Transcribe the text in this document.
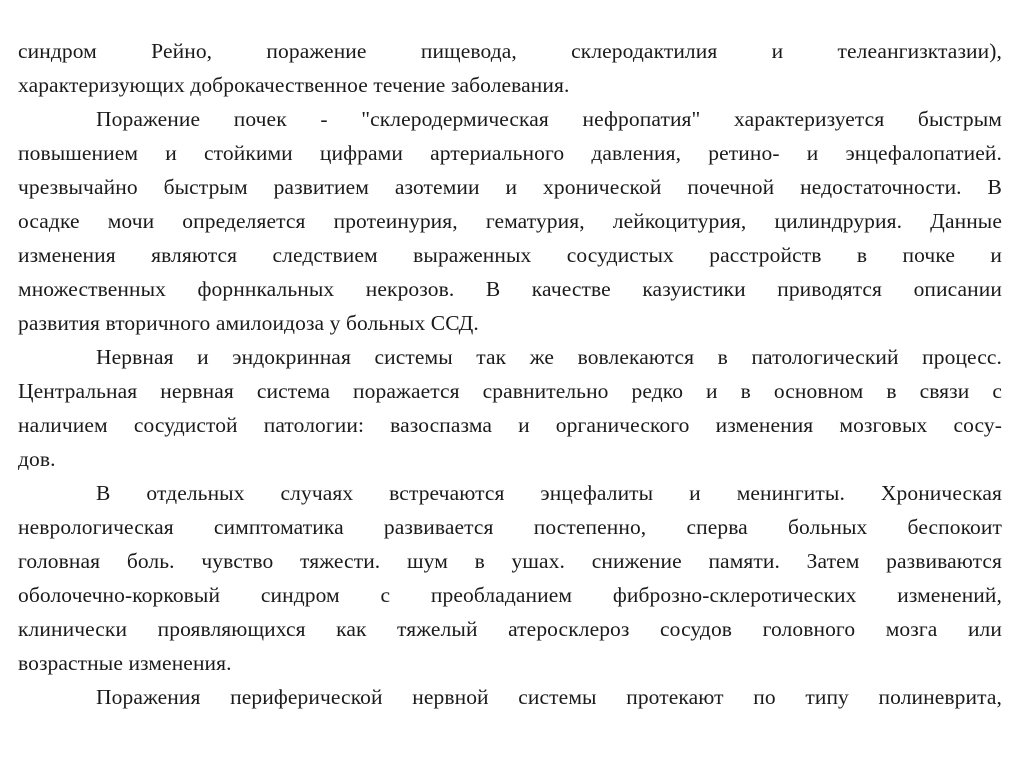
синдром Рейно, поражение пищевода, склеродактилия и телеангизктазии),
характеризующих доброкачественное течение заболевания.
Поражение почек - "склеродермическая нефропатия" характеризуется быстрым
повышением и стойкими цифрами артериального давления, ретино- и энцефалопатией.
чрезвычайно быстрым развитием азотемии и хронической почечной недостаточности. В
осадке мочи определяется протеинурия, гематурия, лейкоцитурия, цилиндрурия. Данные
изменения являются следствием выраженных сосудистых расстройств в почке и
множественных форннкальных некрозов. В качестве казуистики приводятся описании
развития вторичного амилоидоза у больных ССД.
Нервная и эндокринная системы так же вовлекаются в патологический процесс.
Центральная нервная система поражается сравнительно редко и в основном в связи с
наличием сосудистой патологии: вазоспазма и органического изменения мозговых сосу-
дов.
В отдельных случаях встречаются энцефалиты и менингиты. Хроническая
неврологическая симптоматика развивается постепенно, сперва больных беспокоит
головная боль. чувство тяжести. шум в ушах. снижение памяти. Затем развиваются
оболочечно-корковый синдром с преобладанием фиброзно-склеротических изменений,
клинически проявляющихся как тяжелый атеросклероз сосудов головного мозга или
возрастные изменения.
Поражения периферической нервной системы протекают по типу полиневрита,
